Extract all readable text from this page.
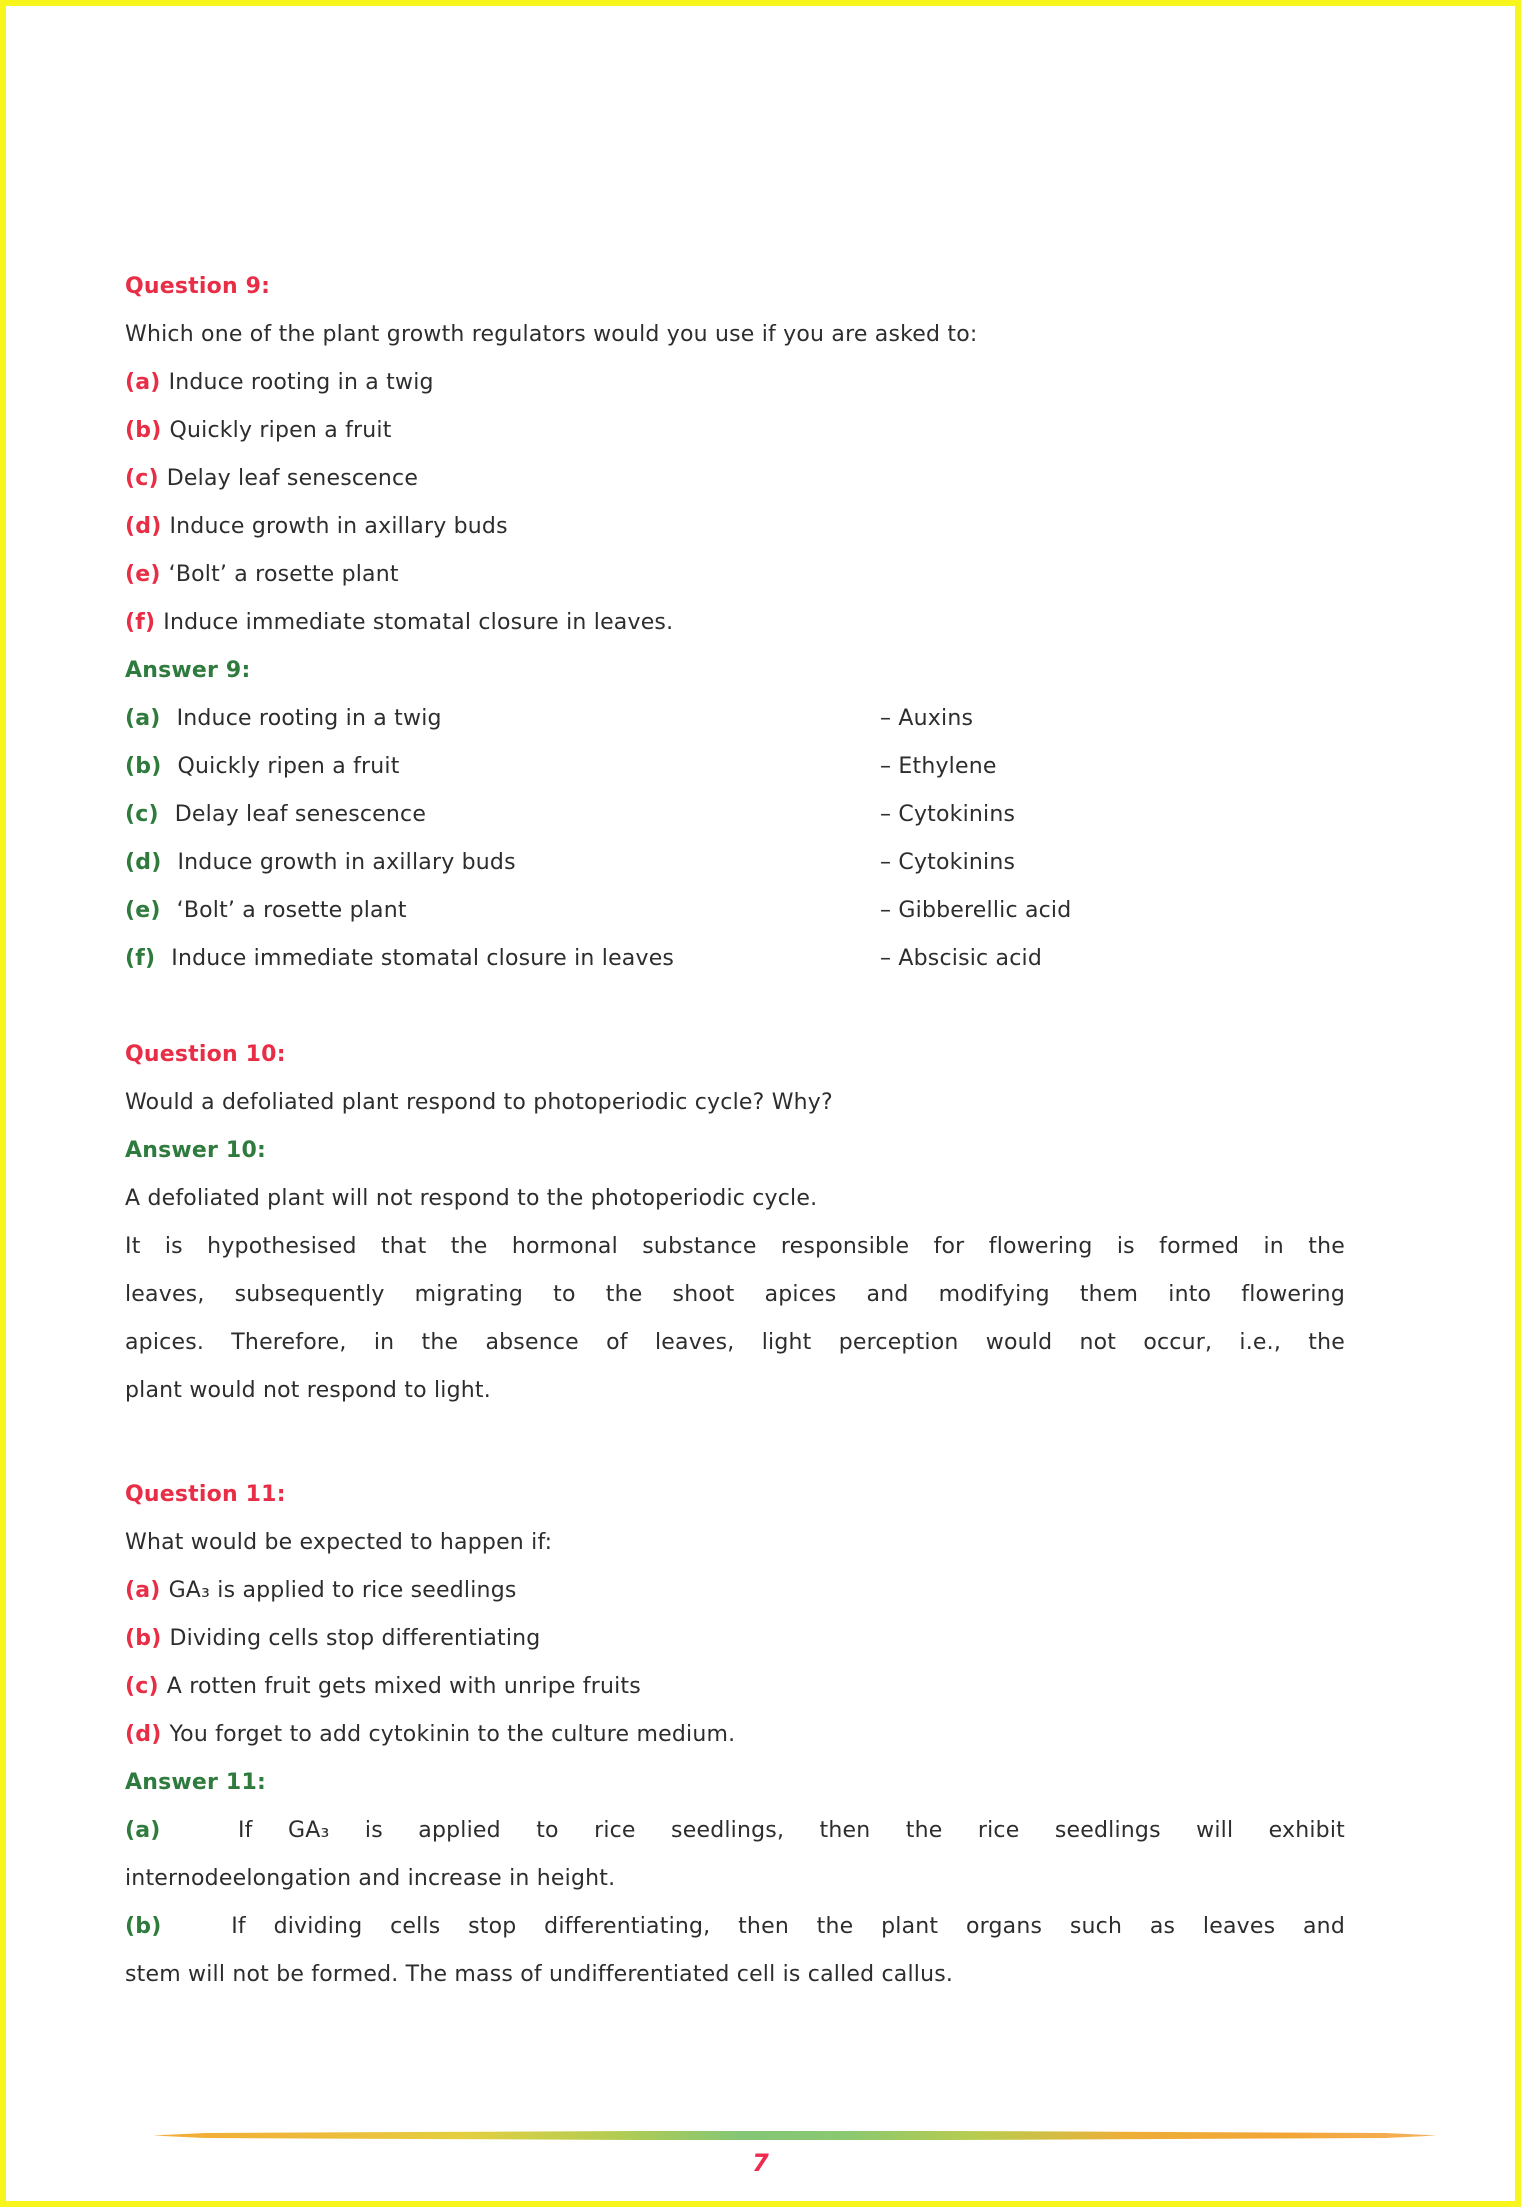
Question 9:
Which one of the plant growth regulators would you use if you are asked to:
(a) Induce rooting in a twig
(b) Quickly ripen a fruit
(c) Delay leaf senescence
(d) Induce growth in axillary buds
(e) ‘Bolt’ a rosette plant
(f) Induce immediate stomatal closure in leaves.
Answer 9:
(a) Induce rooting in a twig	– Auxins
(b) Quickly ripen a fruit	– Ethylene
(c) Delay leaf senescence	– Cytokinins
(d) Induce growth in axillary buds	– Cytokinins
(e) ‘Bolt’ a rosette plant	– Gibberellic acid
(f) Induce immediate stomatal closure in leaves	– Abscisic acid
Question 10:
Would a defoliated plant respond to photoperiodic cycle? Why?
Answer 10:
A defoliated plant will not respond to the photoperiodic cycle.
It is hypothesised that the hormonal substance responsible for flowering is formed in the
leaves, subsequently migrating to the shoot apices and modifying them into flowering
apices. Therefore, in the absence of leaves, light perception would not occur, i.e., the
plant would not respond to light.
Question 11:
What would be expected to happen if:
(a) GA₃ is applied to rice seedlings
(b) Dividing cells stop differentiating
(c) A rotten fruit gets mixed with unripe fruits
(d) You forget to add cytokinin to the culture medium.
Answer 11:
(a)	If GA₃ is applied to rice seedlings, then the rice seedlings will exhibit
internodeelongation and increase in height.
(b)	If dividing cells stop differentiating, then the plant organs such as leaves and
stem will not be formed. The mass of undifferentiated cell is called callus.
7
